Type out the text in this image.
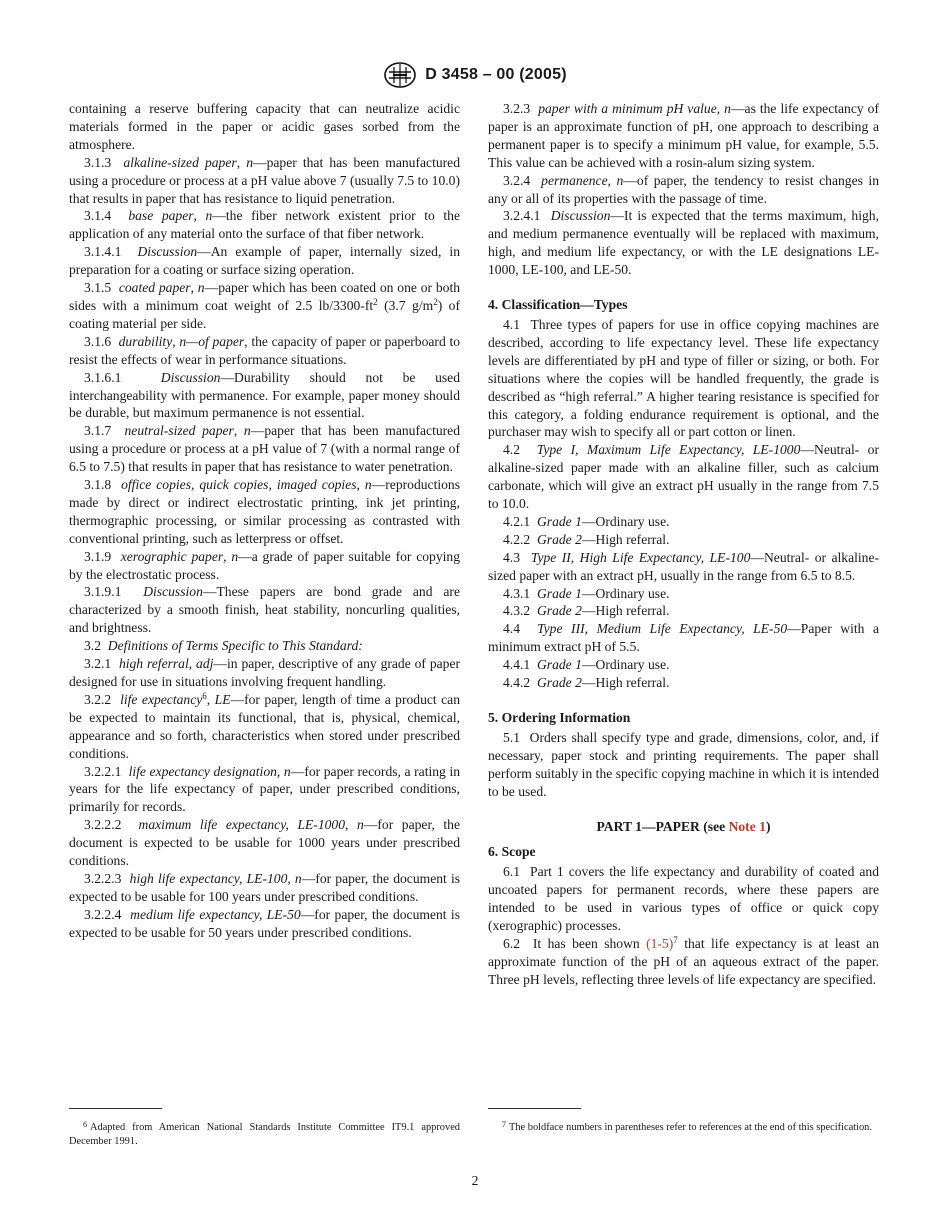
D 3458 – 00 (2005)

containing a reserve buffering capacity that can neutralize acidic materials formed in the paper or acidic gases sorbed from the atmosphere.

3.1.3 alkaline-sized paper, n—paper that has been manufactured using a procedure or process at a pH value above 7 (usually 7.5 to 10.0) that results in paper that has resistance to liquid penetration.

3.1.4 base paper, n—the fiber network existent prior to the application of any material onto the surface of that fiber network.

3.1.4.1 Discussion—An example of paper, internally sized, in preparation for a coating or surface sizing operation.

3.1.5 coated paper, n—paper which has been coated on one or both sides with a minimum coat weight of 2.5 $lb/3300-ft^2$ (3.7 $g/m^2$) of coating material per side.

3.1.6 durability, n—of paper, the capacity of paper or paperboard to resist the effects of wear in performance situations.

3.1.6.1	Discussion—Durability should not be used interchangeability with permanence. For example, paper money should be durable, but maximum permanence is not essential.

3.1.7 neutral-sized paper, n—paper that has been manufactured using a procedure or process at a pH value of 7 (with a normal range of 6.5 to 7.5) that results in paper that has resistance to water penetration.

3.1.8 office copies, quick copies, imaged copies, n—reproductions made by direct or indirect electrostatic printing, ink jet printing, thermographic processing, or similar processing as contrasted with conventional printing, such as letterpress or offset.

3.1.9 xerographic paper, n—a grade of paper suitable for copying by the electrostatic process.

3.1.9.1 Discussion—These papers are bond grade and are characterized by a smooth finish, heat stability, noncurling qualities, and brightness.

3.2 Definitions of Terms Specific to This Standard:

3.2.1 high referral, adj—in paper, descriptive of any grade of paper designed for use in situations involving frequent handling.

3.2.2 life expectancy$^6$, LE—for paper, length of time a product can be expected to maintain its functional, that is, physical, chemical, appearance and so forth, characteristics when stored under prescribed conditions.

3.2.2.1 life expectancy designation, n—for paper records, a rating in years for the life expectancy of paper, under prescribed conditions, primarily for records.

3.2.2.2 maximum life expectancy, LE-1000, n—for paper, the document is expected to be usable for 1000 years under prescribed conditions.

3.2.2.3 high life expectancy, LE-100, n—for paper, the document is expected to be usable for 100 years under prescribed conditions.

3.2.2.4 medium life expectancy, LE-50—for paper, the document is expected to be usable for 50 years under prescribed conditions.

3.2.3 paper with a minimum pH value, n—as the life expectancy of paper is an approximate function of pH, one approach to describing a permanent paper is to specify a minimum pH value, for example, 5.5. This value can be achieved with a rosin-alum sizing system.

3.2.4 permanence, n—of paper, the tendency to resist changes in any or all of its properties with the passage of time.

3.2.4.1 Discussion—It is expected that the terms maximum, high, and medium permanence eventually will be replaced with maximum, high, and medium life expectancy, or with the LE designations LE-1000, LE-100, and LE-50.

4. Classification—Types

4.1 Three types of papers for use in office copying machines are described, according to life expectancy level. These life expectancy levels are differentiated by pH and type of filler or sizing, or both. For situations where the copies will be handled frequently, the grade is described as “high referral.” A higher tearing resistance is specified for this category, a folding endurance requirement is optional, and the purchaser may wish to specify all or part cotton or linen.

4.2 Type I, Maximum Life Expectancy, LE-1000—Neutral- or alkaline-sized paper made with an alkaline filler, such as calcium carbonate, which will give an extract pH usually in the range from 7.5 to 10.0.

4.2.1 Grade 1—Ordinary use.

4.2.2 Grade 2—High referral.

4.3 Type II, High Life Expectancy, LE-100—Neutral- or alkaline-sized paper with an extract pH, usually in the range from 6.5 to 8.5.

4.3.1 Grade 1—Ordinary use.

4.3.2 Grade 2—High referral.

4.4 Type III, Medium Life Expectancy, LE-50—Paper with a minimum extract pH of 5.5.

4.4.1 Grade 1—Ordinary use.

4.4.2 Grade 2—High referral.

5. Ordering Information

5.1 Orders shall specify type and grade, dimensions, color, and, if necessary, paper stock and printing requirements. The paper shall perform suitably in the specific copying machine in which it is intended to be used.

PART 1—PAPER (see Note 1)
6. Scope

6.1 Part 1 covers the life expectancy and durability of coated and uncoated papers for permanent records, where these papers are intended to be used in various types of office or quick copy (xerographic) processes.

6.2 It has been shown $(1-5)^7$ that life expectancy is at least an approximate function of the pH of an aqueous extract of the paper. Three pH levels, reflecting three levels of life expectancy are specified.

$^6$ Adapted from American National Standards Institute Committee IT9.1 approved December 1991.
$^7$ The boldface numbers in parentheses refer to references at the end of this specification.
2
